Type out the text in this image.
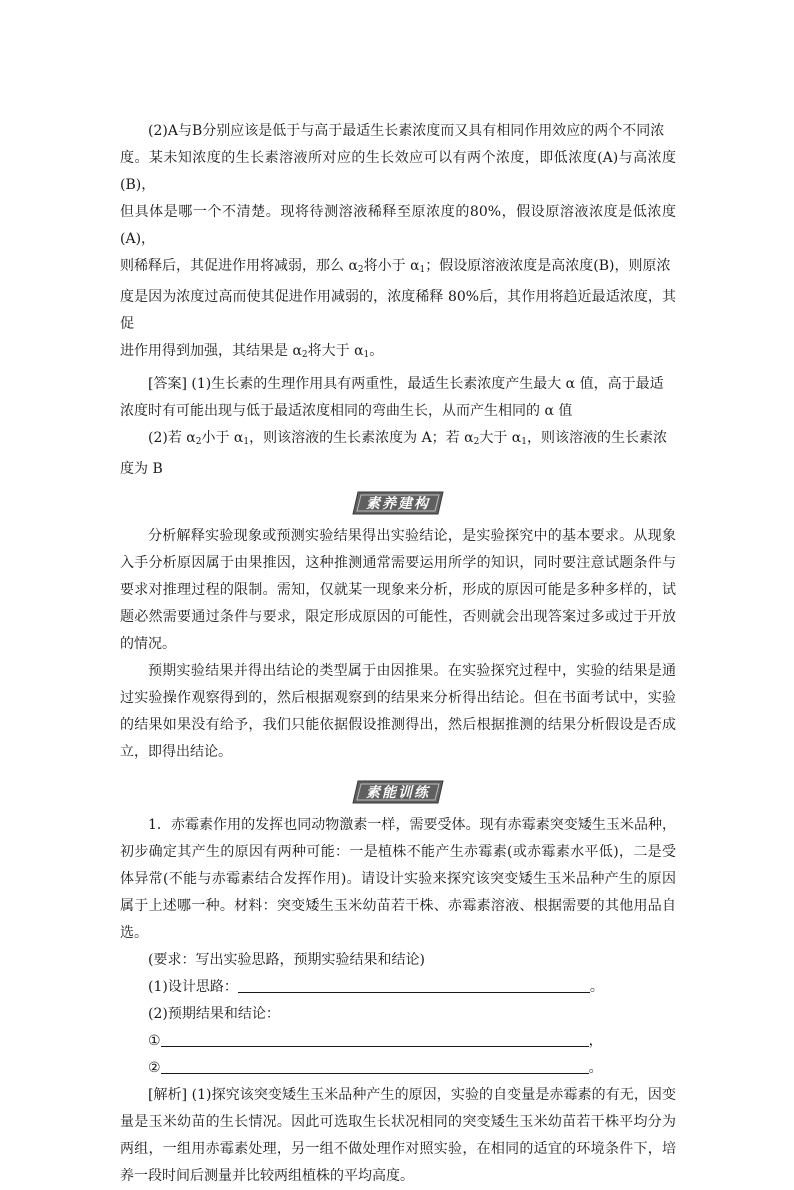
(2)A与B分别应该是低于与高于最适生长素浓度而又具有相同作用效应的两个不同浓

度。某未知浓度的生长素溶液所对应的生长效应可以有两个浓度，即低浓度(A)与高浓度(B)，

但具体是哪一个不清楚。现将待测溶液稀释至原浓度的80%，假设原溶液浓度是低浓度(A)，

则稀释后，其促进作用将减弱，那么 $\alpha_2$将小于 $\alpha_1$；假设原溶液浓度是高浓度(B)，则原浓

度是因为浓度过高而使其促进作用减弱的，浓度稀释 80%后，其作用将趋近最适浓度，其促

进作用得到加强，其结果是 $\alpha_2$将大于 $\alpha_1$。

[答案] (1)生长素的生理作用具有两重性，最适生长素浓度产生最大 α 值，高于最适

浓度时有可能出现与低于最适浓度相同的弯曲生长，从而产生相同的 α 值

(2)若 $\alpha_2$小于 $\alpha_1$，则该溶液的生长素浓度为 A；若 $\alpha_2$大于 $\alpha_1$，则该溶液的生长素浓

度为 B

素养建构

分析解释实验现象或预测实验结果得出实验结论，是实验探究中的基本要求。从现象入手分析原因属于由果推因，这种推测通常需要运用所学的知识，同时要注意试题条件与要求对推理过程的限制。需知，仅就某一现象来分析，形成的原因可能是多种多样的，试题必然需要通过条件与要求，限定形成原因的可能性，否则就会出现答案过多或过于开放的情况。

预期实验结果并得出结论的类型属于由因推果。在实验探究过程中，实验的结果是通过实验操作观察得到的，然后根据观察到的结果来分析得出结论。但在书面考试中，实验的结果如果没有给予，我们只能依据假设推测得出，然后根据推测的结果分析假设是否成立，即得出结论。

素能训练

1．赤霉素作用的发挥也同动物激素一样，需要受体。现有赤霉素突变矮生玉米品种，初步确定其产生的原因有两种可能：一是植株不能产生赤霉素(或赤霉素水平低)，二是受体异常(不能与赤霉素结合发挥作用)。请设计实验来探究该突变矮生玉米品种产生的原因属于上述哪一种。材料：突变矮生玉米幼苗若干株、赤霉素溶液、根据需要的其他用品自选。

(要求：写出实验思路，预期实验结果和结论)

(1)设计思路：	。

(2)预期结果和结论：

①	，

②	。

[解析] (1)探究该突变矮生玉米品种产生的原因，实验的自变量是赤霉素的有无，因变量是玉米幼苗的生长情况。因此可选取生长状况相同的突变矮生玉米幼苗若干株平均分为两组，一组用赤霉素处理，另一组不做处理作对照实验，在相同的适宜的环境条件下，培养一段时间后测量并比较两组植株的平均高度。
